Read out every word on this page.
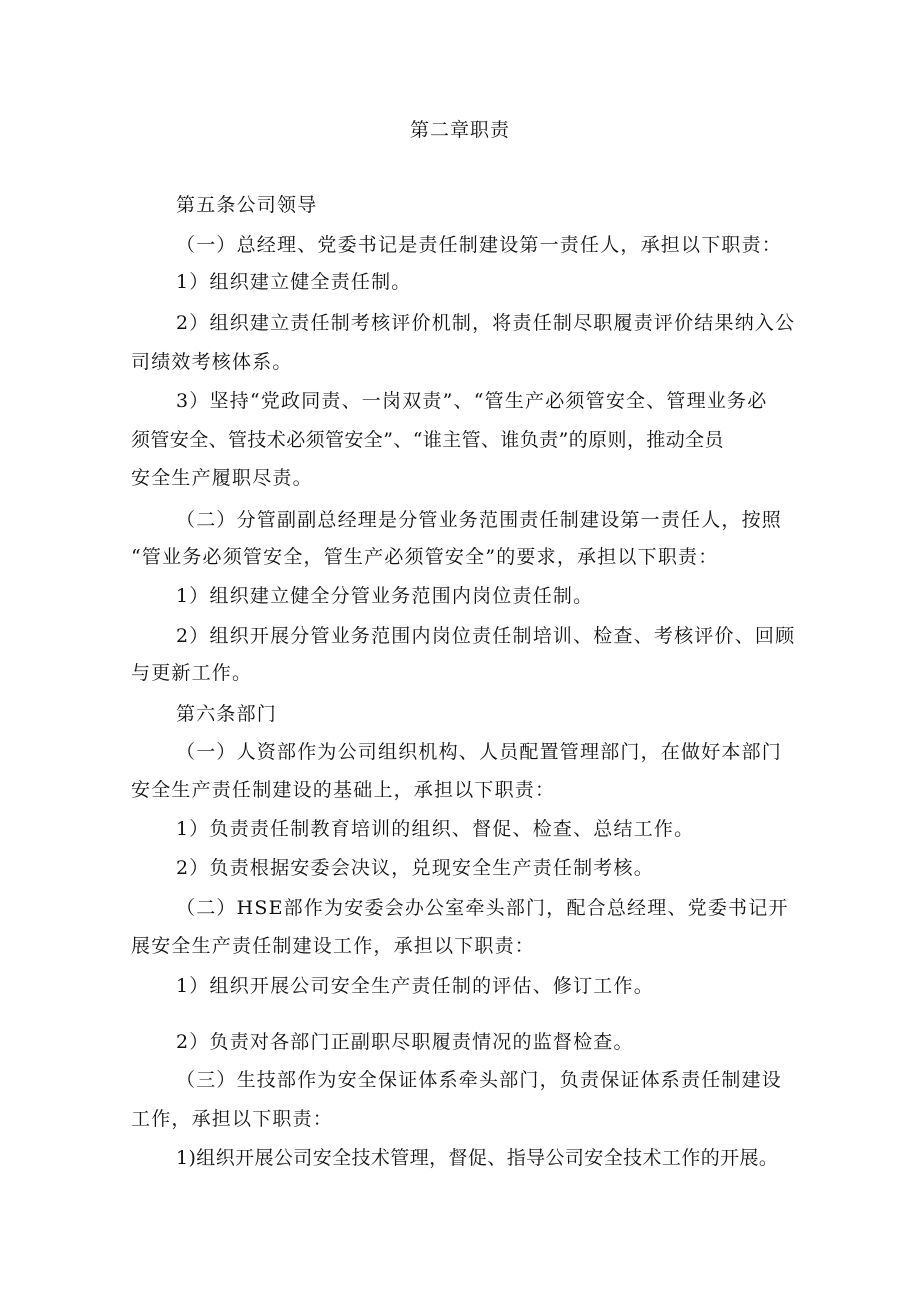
第二章职责
第五条公司领导
（一）总经理、党委书记是责任制建设第一责任人，承担以下职责：
1）组织建立健全责任制。
2）组织建立责任制考核评价机制，将责任制尽职履责评价结果纳入公
司绩效考核体系。
3）坚持“党政同责、一岗双责”、“管生产必须管安全、管理业务必
须管安全、管技术必须管安全”、“谁主管、谁负责”的原则，推动全员
安全生产履职尽责。
（二）分管副副总经理是分管业务范围责任制建设第一责任人，按照
“管业务必须管安全，管生产必须管安全”的要求，承担以下职责：
1）组织建立健全分管业务范围内岗位责任制。
2）组织开展分管业务范围内岗位责任制培训、检查、考核评价、回顾
与更新工作。
第六条部门
（一）人资部作为公司组织机构、人员配置管理部门，在做好本部门
安全生产责任制建设的基础上，承担以下职责：
1）负责责任制教育培训的组织、督促、检查、总结工作。
2）负责根据安委会决议，兑现安全生产责任制考核。
（二）HSE部作为安委会办公室牵头部门，配合总经理、党委书记开
展安全生产责任制建设工作，承担以下职责：
1）组织开展公司安全生产责任制的评估、修订工作。
2）负责对各部门正副职尽职履责情况的监督检查。
（三）生技部作为安全保证体系牵头部门，负责保证体系责任制建设
工作，承担以下职责：
1)组织开展公司安全技术管理，督促、指导公司安全技术工作的开展。
